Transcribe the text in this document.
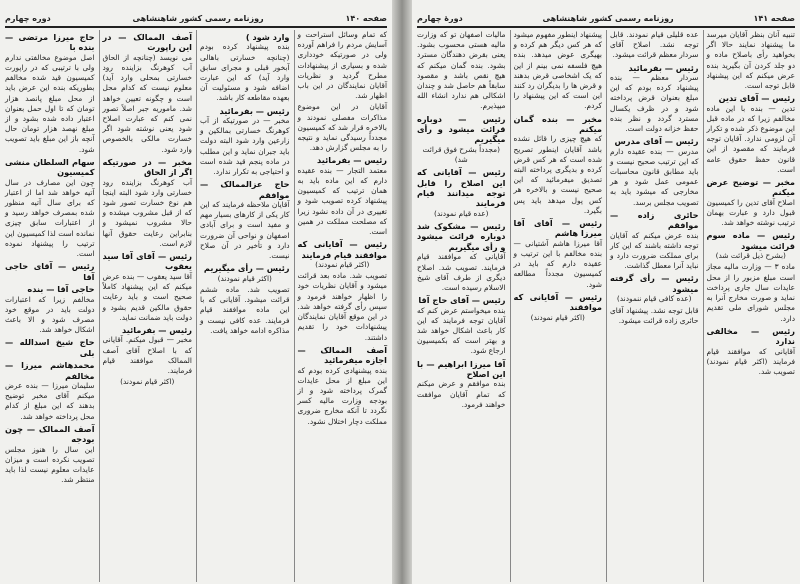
صفحه ۱۴۰
روزنامه رسمی کشور شاهنشاهی
دوره چهارم

که تمام وسائل استراحت و آسایش مردم را فراهم آورده ولی در صورتیکه خودداری شده و بسیاری از پیشنهادات مطرح گردید و نظریات آقایان نمایندگان در این باب اظهار شد.

آقایان در این موضوع مذاکرات مفصلی نمودند و بالاخره قرار شد که کمیسیون مجدداً رسیدگی نماید و نتیجه را به مجلس گزارش دهد.

رئیس — بفرمائید

معتمد التجار — بنده عقیده دارم که این ماده باید به همان ترتیب که کمیسیون پیشنهاد کرده تصویب شود و تغییری در آن داده نشود زیرا که مصلحت مملکت در همین است.

رئیس — آقایانی که موافقند قیام فرمایند

(اکثر قیام نمودند)

تصویب شد. ماده بعد قرائت میشود و آقایان نظریات خود را اظهار خواهند فرمود و سپس رأی گرفته خواهد شد. در این موقع آقایان نمایندگان پیشنهادات خود را تقدیم داشتند.

آصف الممالک — اجازه میفرمائید

بنده پیشنهادی کرده بودم که این مبلغ از محل عایدات گمرک پرداخته شود و از بودجه وزارت مالیه کسر نگردد تا آنکه مخارج ضروری مملکت دچار اختلال نشود.

وارد شود )

بنده پیشنهاد کرده بودم (چنانچه خسارتی باهالی آبخور قبلی و مجرای سابق وارد آید) که این عبارت اضافه شود و مسئولیت آن بعهده مقاطعه کار باشد.

رئیس — بفرمائید

مخبر — در صورتیکه از آب کوهرنگ خسارتی بمالکین و زارعین وارد شود البته دولت باید جبران نماید و این مطلب در ماده پنجم قید شده است و احتیاجی به تکرار ندارد.

حاج عزالممالک — موافقم

آقایان ملاحظه فرمایند که این کار یکی از کارهای بسیار مهم و مفید است و برای آبادی اصفهان و نواحی آن ضرورت دارد و تأخیر در آن صلاح نیست.

رئیس — رأی میگیریم

(اکثر قیام نمودند)

تصویب شد. ماده ششم قرائت میشود. آقایانی که با این ماده موافقند قیام فرمایند. عده کافی نیست و مذاکره ادامه خواهد یافت.

آصف الممالک — در این راپورت

می نویسد (چنانچه از الحاق آب کوهرنگ بزاینده رود خسارتی بمحلی وارد آید) معلوم نیست که کدام محل است و چگونه تعیین خواهد شد. ماموریه جبر اصلاً تصور نمی کنم که عبارت اصلاح شود یعنی نوشته شود اگر خسارت مالکی بالخصوص وارد شود.

مخبر — در صورتیکه اگر از الحاق

آب کوهرنگ بزاینده رود خسارتی وارد شود البته اینجا هم نوع خسارت تصور شود که از قبل مشروب میشده و حالا مشروب نمیشود و بنابراین رعایت حقوق آنها لازم است.

رئیس — آقای آقا سید یعقوب

آقا سید یعقوب — بنده عرض میکنم که این پیشنهاد کاملاً صحیح است و باید رعایت حقوق مالکین قدیم بشود و دولت باید ضمانت نماید.

رئیس — بفرمائید

مخبر — قبول میکنم. آقایانی که با اصلاح آقای آصف الممالک موافقند قیام فرمایند.

(اکثر قیام نمودند)

حاج میرزا مرتضی — بنده با

اصل موضوع مخالفتی ندارم ولی با ترتیبی که در راپورت کمیسیون قید شده مخالفم بطوریکه بنده این عرض باید از محل مبلغ پانصد هزار تومان که تا اول حمل بعنوان اعتبار داده شده بشود و از مبلغ نهصد هزار تومان حال آنچه باز این مبلغ باید تصویب شود.

سهام السلطان منشی کمیسیون

چون این مصارف در سال آتیه خواهد شد اما از اعتبار که برای سال آتیه منظور شده بمصرف خواهد رسید و از اعتبارات سابق چیزی نمانده است لذا کمیسیون این ترتیب را پیشنهاد نموده است.

رئیس — آقای حاجی آقا
حاجی آقا — بنده

مخالفم زیرا که اعتبارات دولت باید در موقع خود مصرف شود و الا باعث اشکال خواهد شد.

حاج شیخ اسدالله — بلی
محمدهاشم میرزا — مخالفم

سلیمان میرزا — بنده عرض میکنم آقای مخبر توضیح بدهند که این مبلغ از کدام محل پرداخته خواهد شد.

آصف الممالک — چون بودجه

این سال را هنوز مجلس تصویب نکرده است و میزان عایدات معلوم نیست لذا باید منتظر شد.

صفحه ۱۴۱
روزنامه رسمی کشور شاهنشاهی
دورهٔ چهارم

تنبیه آنان بنظر آقایان میرسد ما پیشنهاد نمایند حالا اگر بخواهید رأی باصلاح ماده و دو جلد کردن آن بگیرید بنده عرض میکنم که این پیشنهاد قابل توجه است.

رئیس — آقای تدین

تدین — بنده با این ماده مخالفم زیرا که در ماده قبل این موضوع ذکر شده و تکرار آن لزومی ندارد. آقایان توجه فرمایند که مقصود از این قانون حفظ حقوق عامه است.

مخبر — توضیح عرض میکنم

اصلاح آقای تدین را کمیسیون قبول دارد و عبارت بهمان ترتیب نوشته خواهد شد.

رئیس — ماده سوم قرائت میشود

(بشرح ذیل قرائت شد)

ماده ۳ — وزارت مالیه مجاز است مبلغ مزبور را از محل عایدات سال جاری پرداخت نماید و صورت مخارج آنرا به مجلس شورای ملی تقدیم دارد.

رئیس — مخالفی ندارد

آقایانی که موافقند قیام فرمایند (اکثر قیام نمودند) تصویب شد.

عده قلیلی قیام نمودند. قابل توجه نشد. اصلاح آقای سردار معظم قرائت میشود.

رئیس — بفرمائید

سردار معظم — بنده پیشنهاد کرده بودم که این مبلغ بعنوان قرض پرداخته شود و در ظرف یکسال مسترد گردد و نظر بنده حفظ خزانه دولت است.

رئیس — آقای مدرس

مدرس — بنده عقیده دارم که این ترتیب صحیح نیست و باید مطابق قانون محاسبات عمومی عمل شود و هر مخارجی که میشود باید به تصویب مجلس برسد.

حائری زاده — موافقم

بنده عرض میکنم که آقایان توجه داشته باشند که این کار برای مملکت ضرورت دارد و نباید آنرا معطل گذاشت.

رئیس — رأی گرفته میشود

(عده کافی قیام ننمودند)

قابل توجه نشد. پیشنهاد آقای حائری زاده قرائت میشود.

پیشنهاد اینطور مفهوم میشود که هر کس دیگر هم کرده و بهیگری عوض میدهد. بنده هیچ فلسفه نمی بینم از این که یک اشخاصی قرض بدهند و قرض ها را بدیگران رد کنند این است که این پیشنهاد را کردم.

مخبر — بنده گمان میکنم

که هیچ چیزی را قائل نشده باشد آقایان اینطور تصریح شده است که هر کس قرض کرده و بدیگری پرداخته البته تصدیق میفرمائید که این صحیح نیست و بالاخره هر کس پول میدهد باید پس بگیرد.

رئیس — آقای آقا میرزا هاشم

آقا میرزا هاشم آشتیانی — بنده مخالفم با این ترتیب و عقیده دارم که باید در کمیسیون مجدداً مطالعه شود.

رئیس — آقایانی که موافقند

(اکثر قیام نمودند)

مالیات اصفهان تو که وزارت مالیه هستی محسوب بشود. یعنی بقرض دهندگان مسترد بشود. بنده گمان میکنم که هیچ نقص باشد و مقصود سابقاً هم حاصل شد و چندان اشکالی هم ندارد انشاء الله میپذیرم.

رئیس — دوباره قرائت میشود و رأی میگیریم

(مجدداً بشرح فوق قرائت شد)

رئیس — آقایانی که این اصلاح را قابل توجه میدانند قیام فرمایند

(عده قیام نمودند)

رئیس — مشکوک شد دوباره قرائت میشود و رأی میگیریم

آقایانی که موافقند قیام فرمایند. تصویب شد. اصلاح دیگری از طرف آقای شیخ الاسلام رسیده است.

رئیس — آقای حاج آقا

بنده میخواستم عرض کنم که آقایان توجه فرمایند که این کار باعث اشکال خواهد شد و بهتر است که بکمیسیون ارجاع شود.

آقا میرزا ابراهیم — با این اصلاح

بنده موافقم و عرض میکنم که تمام آقایان موافقت خواهند فرمود.
